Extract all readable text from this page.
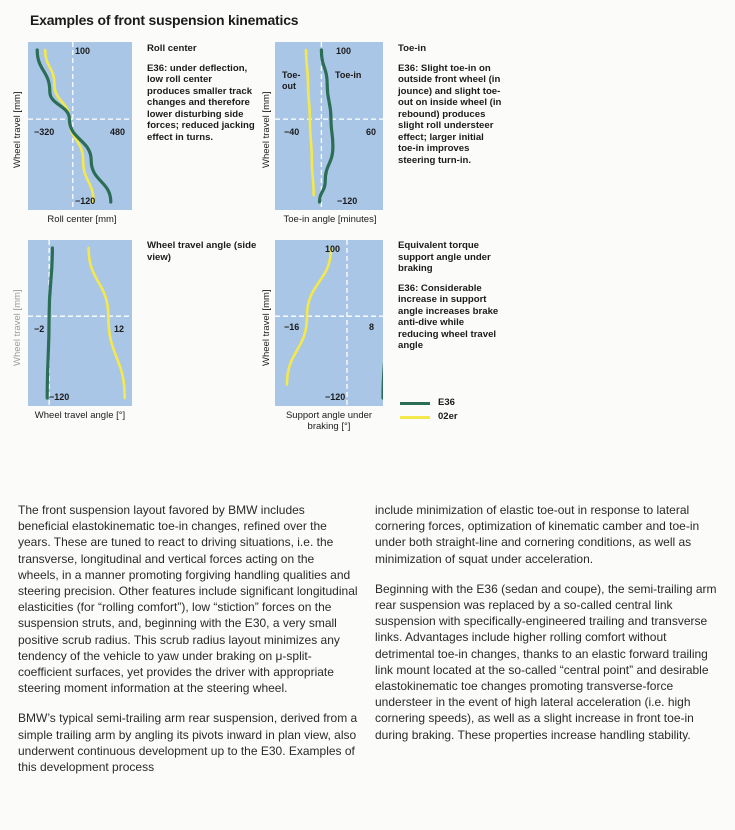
Examples of front suspension kinematics
100
−320	480
−120
Wheel travel [mm]
Roll center [mm]
Roll center
E36: under deflection, low roll center produces smaller track changes and therefore lower disturbing side forces; reduced jacking effect in turns.
100
Toe-out
Toe-in
−40	60
−120
Wheel travel [mm]
Toe-in angle [minutes]
Toe-in
E36: Slight toe-in on outside front wheel (in jounce) and slight toe-out on inside wheel (in rebound) produces slight roll understeer effect; larger initial toe-in improves steering turn-in.
−2	12
−120
Wheel travel [mm]
Wheel travel angle [°]
Wheel travel angle (side view)
100
−16	8
−120
Wheel travel [mm]
Support angle under braking [°]
Equivalent torque support angle under braking
E36: Considerable increase in support angle increases brake anti-dive while reducing wheel travel angle
E36
02er

The front suspension layout favored by BMW includes beneficial elastokinematic toe-in changes, refined over the years. These are tuned to react to driving situations, i.e. the transverse, longitudinal and vertical forces acting on the wheels, in a manner promoting forgiving handling qualities and steering precision. Other features include significant longitudinal elasticities (for “rolling comfort”), low “stiction” forces on the suspension struts, and, beginning with the E30, a very small positive scrub radius. This scrub radius layout minimizes any tendency of the vehicle to yaw under braking on μ-split-coefficient surfaces, yet provides the driver with appropriate steering moment information at the steering wheel.

BMW’s typical semi-trailing arm rear suspension, derived from a simple trailing arm by angling its pivots inward in plan view, also underwent continuous development up to the E30. Examples of this development process

include minimization of elastic toe-out in response to lateral cornering forces, optimization of kinematic camber and toe-in under both straight-line and cornering conditions, as well as minimization of squat under acceleration.

Beginning with the E36 (sedan and coupe), the semi-trailing arm rear suspension was replaced by a so-called central link suspension with specifically-engineered trailing and transverse links. Advantages include higher rolling comfort without detrimental toe-in changes, thanks to an elastic forward trailing link mount located at the so-called “central point” and desirable elastokinematic toe changes promoting transverse-force understeer in the event of high lateral acceleration (i.e. high cornering speeds), as well as a slight increase in front toe-in during braking. These properties increase handling stability.
